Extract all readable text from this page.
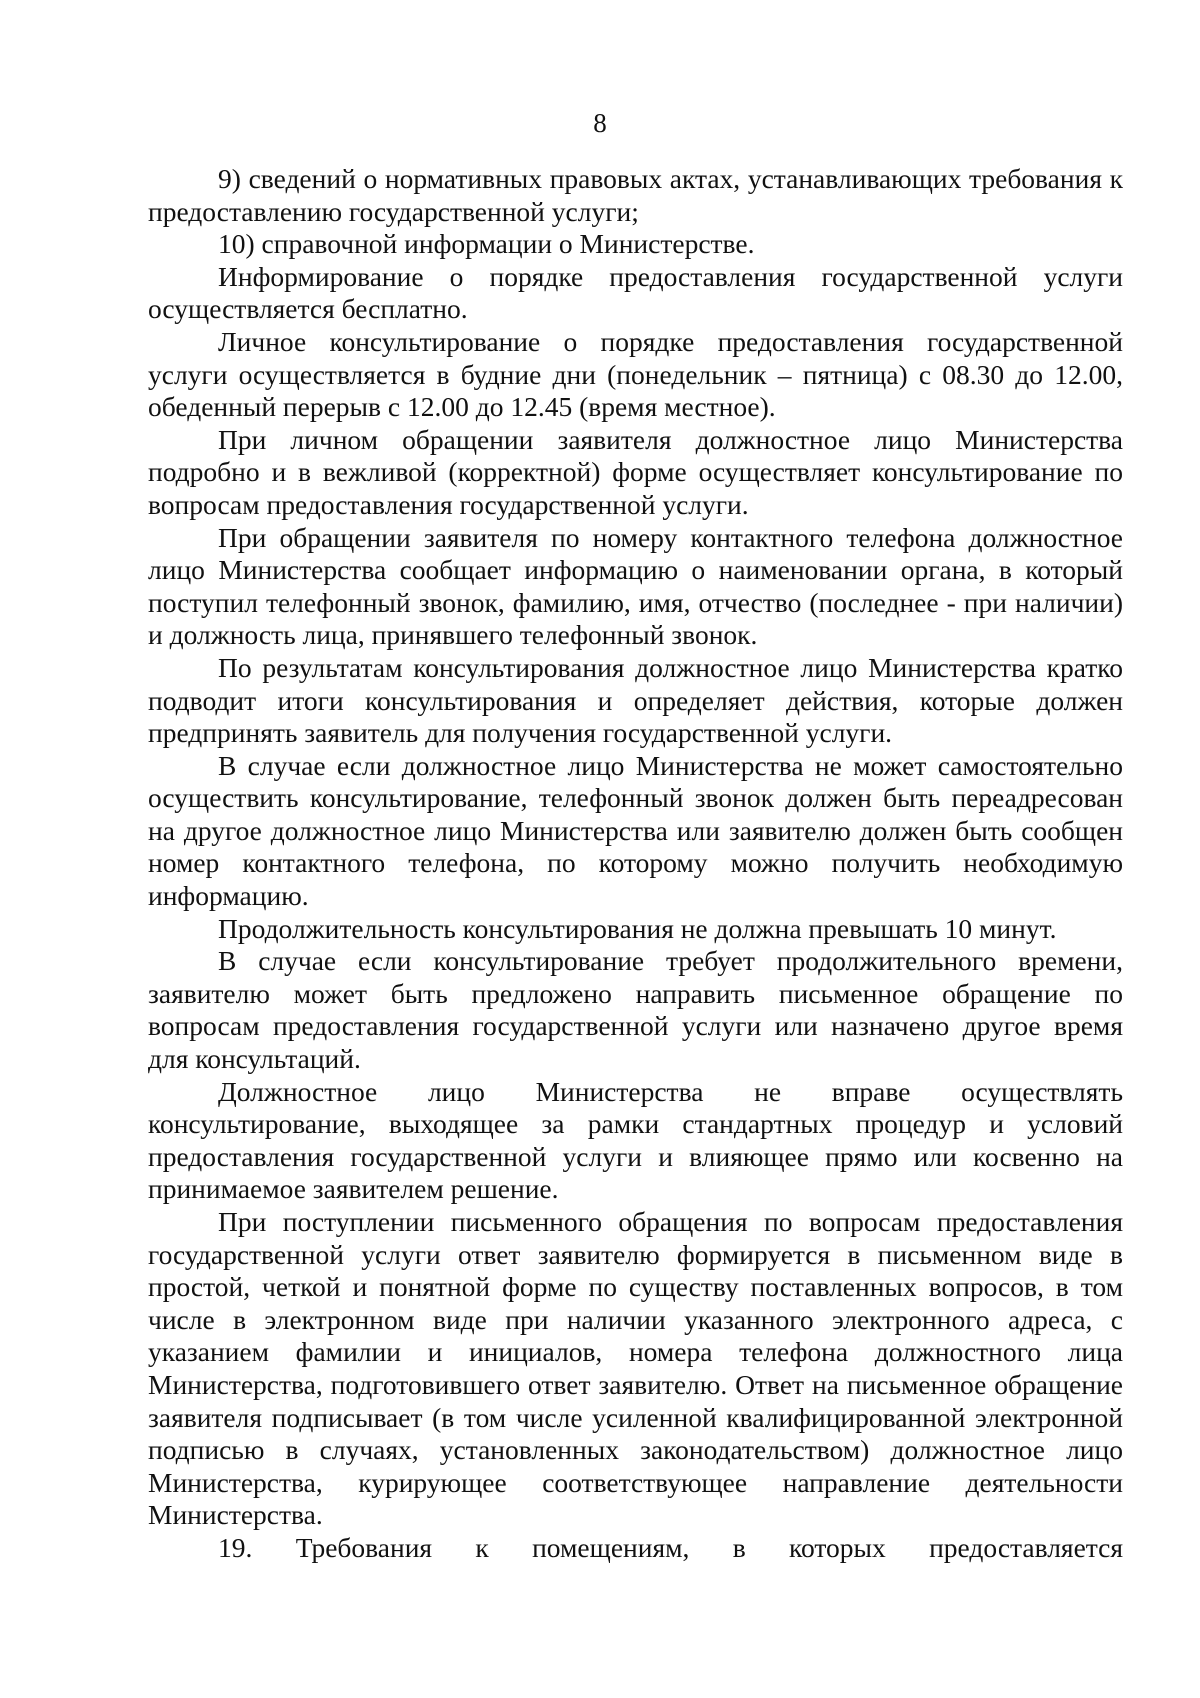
8

9) сведений о нормативных правовых актах, устанавливающих требования к предоставлению государственной услуги;

10) справочной информации о Министерстве.

Информирование о порядке предоставления государственной услуги осуществляется бесплатно.

Личное консультирование о порядке предоставления государственной услуги осуществляется в будние дни (понедельник – пятница) с 08.30 до 12.00, обеденный перерыв с 12.00 до 12.45 (время местное).

При личном обращении заявителя должностное лицо Министерства подробно и в вежливой (корректной) форме осуществляет консультирование по вопросам предоставления государственной услуги.

При обращении заявителя по номеру контактного телефона должностное лицо Министерства сообщает информацию о наименовании органа, в который поступил телефонный звонок, фамилию, имя, отчество (последнее - при наличии) и должность лица, принявшего телефонный звонок.

По результатам консультирования должностное лицо Министерства кратко подводит итоги консультирования и определяет действия, которые должен предпринять заявитель для получения государственной услуги.

В случае если должностное лицо Министерства не может самостоятельно осуществить консультирование, телефонный звонок должен быть переадресован на другое должностное лицо Министерства или заявителю должен быть сообщен номер контактного телефона, по которому можно получить необходимую информацию.

Продолжительность консультирования не должна превышать 10 минут.

В случае если консультирование требует продолжительного времени, заявителю может быть предложено направить письменное обращение по вопросам предоставления государственной услуги или назначено другое время для консультаций.

Должностное лицо Министерства не вправе осуществлять консультирование, выходящее за рамки стандартных процедур и условий предоставления государственной услуги и влияющее прямо или косвенно на принимаемое заявителем решение.

При поступлении письменного обращения по вопросам предоставления государственной услуги ответ заявителю формируется в письменном виде в простой, четкой и понятной форме по существу поставленных вопросов, в том числе в электронном виде при наличии указанного электронного адреса, с указанием фамилии и инициалов, номера телефона должностного лица Министерства, подготовившего ответ заявителю. Ответ на письменное обращение заявителя подписывает (в том числе усиленной квалифицированной электронной подписью в случаях, установленных законодательством) должностное лицо Министерства, курирующее соответствующее направление деятельности Министерства.

19. Требования к помещениям, в которых предоставляется
